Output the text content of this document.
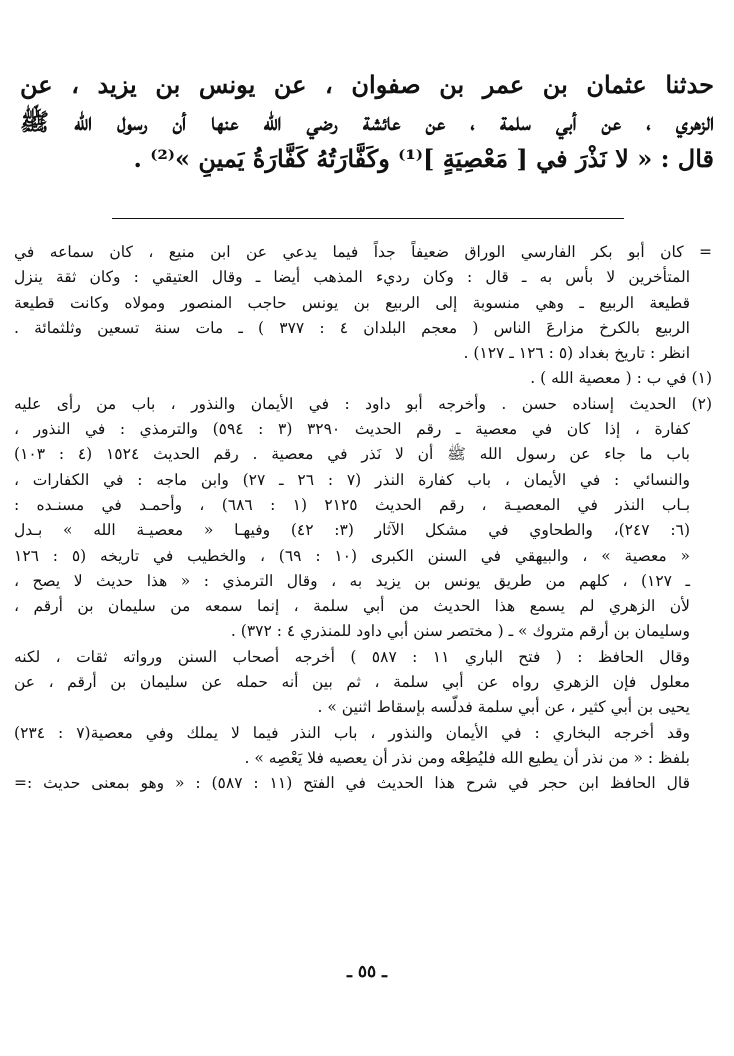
حدثنا عثمان بن عمر بن صفوان ، عن يونس بن يزيد ، عن
الزهري ، عن أبي سلمة ، عن عائشة رضي الله عنها أن رسول الله ﷺ
قال : « لا نَذْرَ في [ مَعْصِيَةٍ ]⁽¹⁾ وكَفَّارَتُهُ كَفَّارَةُ يَمينٍ »⁽²⁾ .
= كان أبو بكر الفارسي الوراق ضعيفاً جداً فيما يدعي عن ابن منيع ، كان سماعه في
المتأخرين لا بأس به ـ قال : وكان رديء المذهب أيضا ـ وقال العتيقي : وكان ثقة ينزل
قطيعة الربيع ـ وهي منسوبة إلى الربيع بن يونس حاجب المنصور ومولاه وكانت قطيعة
الربيع بالكرخ مزارعَ الناس ( معجم البلدان ٤ : ٣٧٧ ) ـ مات سنة تسعين وثلثمائة .
انظر : تاريخ بغداد (٥ : ١٢٦ ـ ١٢٧) .
(١) في ب : ( معصية الله ) .
(٢) الحديث إسناده حسن . وأخرجه أبو داود : في الأيمان والنذور ، باب من رأى عليه
كفارة ، إذا كان في معصية ـ رقم الحديث ٣٢٩٠ (٣ : ٥٩٤) والترمذي : في النذور ،
باب ما جاء عن رسول الله ﷺ أن لا نَذر في معصية . رقم الحديث ١٥٢٤ (٤ : ١٠٣)
والنسائي : في الأيمان ، باب كفارة النذر (٧ : ٢٦ ـ ٢٧) وابن ماجه : في الكفارات ،
بـاب النذر في المعصيـة ، رقم الحديث ٢١٢٥ (١ : ٦٨٦) ، وأحمـد في مسنـده :
(٦: ٢٤٧)، والطحاوي في مشكل الآثار (٣: ٤٢) وفيهـا « معصيـة الله » بـدل
« معصية » ، والبيهقي في السنن الكبرى (١٠ : ٦٩) ، والخطيب في تاريخه (٥ : ١٢٦
ـ ١٢٧) ، كلهم من طريق يونس بن يزيد به ، وقال الترمذي : « هذا حديث لا يصح ،
لأن الزهري لم يسمع هذا الحديث من أبي سلمة ، إنما سمعه من سليمان بن أرقم ،
وسليمان بن أرقم متروك » ـ ( مختصر سنن أبي داود للمنذري ٤ : ٣٧٢) .
وقال الحافظ : ( فتح الباري ١١ : ٥٨٧ ) أخرجه أصحاب السنن ورواته ثقات ، لكنه
معلول فإن الزهري رواه عن أبي سلمة ، ثم بين أنه حمله عن سليمان بن أرقم ، عن
يحيى بن أبي كثير ، عن أبي سلمة فدلّسه بإسقاط اثنين » .
وقد أخرجه البخاري : في الأيمان والنذور ، باب النذر فيما لا يملك وفي معصية(٧ : ٢٣٤)
بلفظ : « من نذر أن يطيع الله فليُطِعْه ومن نذر أن يعصيه فلا يَعْصِه » .
قال الحافظ ابن حجر في شرح هذا الحديث في الفتح (١١ : ٥٨٧) : « وهو بمعنى حديث :=
ـ ٥٥ ـ
